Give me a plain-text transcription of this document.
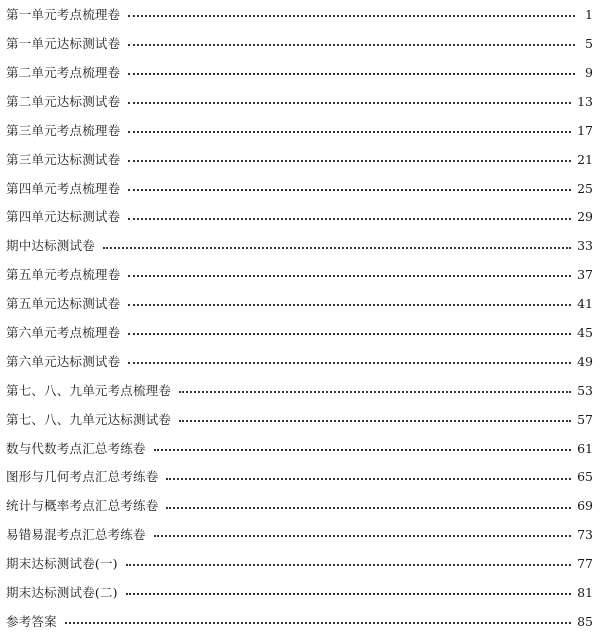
第一单元考点梳理卷	1
第一单元达标测试卷	5
第二单元考点梳理卷	9
第二单元达标测试卷	13
第三单元考点梳理卷	17
第三单元达标测试卷	21
第四单元考点梳理卷	25
第四单元达标测试卷	29
期中达标测试卷	33
第五单元考点梳理卷	37
第五单元达标测试卷	41
第六单元考点梳理卷	45
第六单元达标测试卷	49
第七、八、九单元考点梳理卷	53
第七、八、九单元达标测试卷	57
数与代数考点汇总考练卷	61
图形与几何考点汇总考练卷	65
统计与概率考点汇总考练卷	69
易错易混考点汇总考练卷	73
期末达标测试卷(一)	77
期末达标测试卷(二)	81
参考答案	85
